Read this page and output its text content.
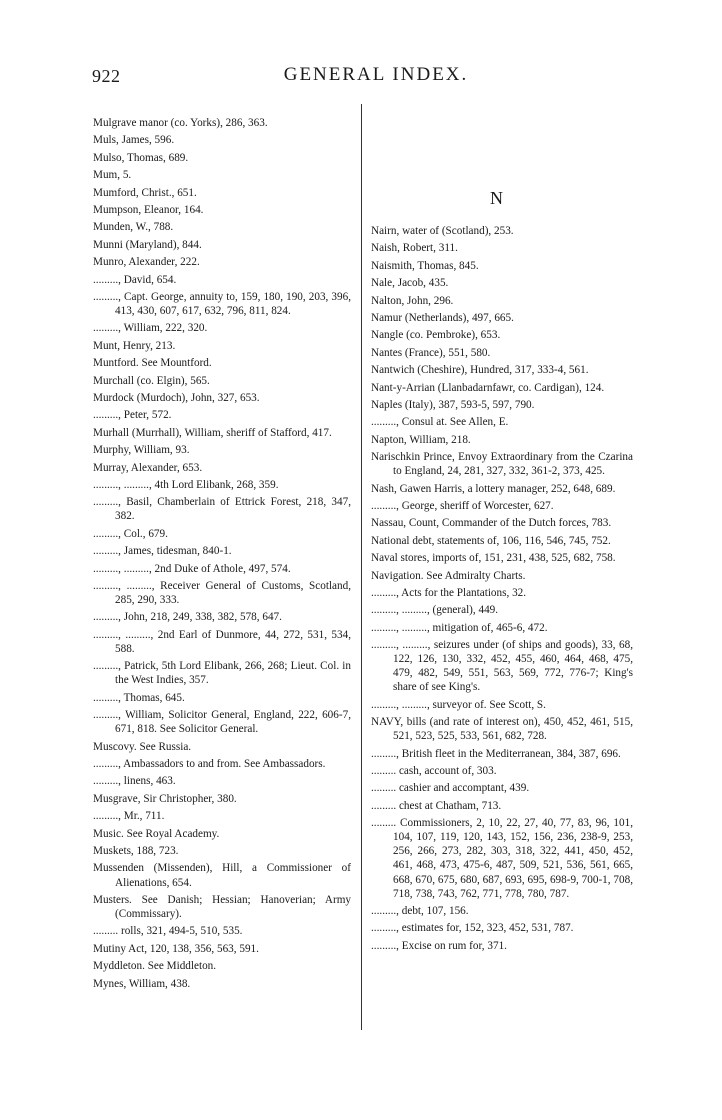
922	GENERAL INDEX.
Mulgrave manor (co. Yorks), 286, 363.
Muls, James, 596.
Mulso, Thomas, 689.
Mum, 5.
Mumford, Christ., 651.
Mumpson, Eleanor, 164.
Munden, W., 788.
Munni (Maryland), 844.
Munro, Alexander, 222.
........., David, 654.
........., Capt. George, annuity to, 159, 180, 190, 203, 396, 413, 430, 607, 617, 632, 796, 811, 824.
........., William, 222, 320.
Munt, Henry, 213.
Muntford. See Mountford.
Murchall (co. Elgin), 565.
Murdock (Murdoch), John, 327, 653.
........., Peter, 572.
Murhall (Murrhall), William, sheriff of Stafford, 417.
Murphy, William, 93.
Murray, Alexander, 653.
........., ........., 4th Lord Elibank, 268, 359.
........., Basil, Chamberlain of Ettrick Forest, 218, 347, 382.
........., Col., 679.
........., James, tidesman, 840-1.
........., ........., 2nd Duke of Athole, 497, 574.
........., ........., Receiver General of Customs, Scotland, 285, 290, 333.
........., John, 218, 249, 338, 382, 578, 647.
........., ........., 2nd Earl of Dunmore, 44, 272, 531, 534, 588.
........., Patrick, 5th Lord Elibank, 266, 268; Lieut. Col. in the West Indies, 357.
........., Thomas, 645.
........., William, Solicitor General, England, 222, 606-7, 671, 818. See Solicitor General.
Muscovy. See Russia.
........., Ambassadors to and from. See Ambassadors.
........., linens, 463.
Musgrave, Sir Christopher, 380.
........., Mr., 711.
Music. See Royal Academy.
Muskets, 188, 723.
Mussenden (Missenden), Hill, a Commissioner of Alienations, 654.
Musters. See Danish; Hessian; Hanoverian; Army (Commissary).
......... rolls, 321, 494-5, 510, 535.
Mutiny Act, 120, 138, 356, 563, 591.
Myddleton. See Middleton.
Mynes, William, 438.
N
Nairn, water of (Scotland), 253.
Naish, Robert, 311.
Naismith, Thomas, 845.
Nale, Jacob, 435.
Nalton, John, 296.
Namur (Netherlands), 497, 665.
Nangle (co. Pembroke), 653.
Nantes (France), 551, 580.
Nantwich (Cheshire), Hundred, 317, 333-4, 561.
Nant-y-Arrian (Llanbadarnfawr, co. Cardigan), 124.
Naples (Italy), 387, 593-5, 597, 790.
........., Consul at. See Allen, E.
Napton, William, 218.
Narischkin Prince, Envoy Extraordinary from the Czarina to England, 24, 281, 327, 332, 361-2, 373, 425.
Nash, Gawen Harris, a lottery manager, 252, 648, 689.
........., George, sheriff of Worcester, 627.
Nassau, Count, Commander of the Dutch forces, 783.
National debt, statements of, 106, 116, 546, 745, 752.
Naval stores, imports of, 151, 231, 438, 525, 682, 758.
Navigation. See Admiralty Charts.
........., Acts for the Plantations, 32.
........., ........., (general), 449.
........., ........., mitigation of, 465-6, 472.
........., ........., seizures under (of ships and goods), 33, 68, 122, 126, 130, 332, 452, 455, 460, 464, 468, 475, 479, 482, 549, 551, 563, 569, 772, 776-7; King's share of see King's.
........., ........., surveyor of. See Scott, S.
NAVY, bills (and rate of interest on), 450, 452, 461, 515, 521, 523, 525, 533, 561, 682, 728.
........., British fleet in the Mediterranean, 384, 387, 696.
......... cash, account of, 303.
......... cashier and accomptant, 439.
......... chest at Chatham, 713.
......... Commissioners, 2, 10, 22, 27, 40, 77, 83, 96, 101, 104, 107, 119, 120, 143, 152, 156, 236, 238-9, 253, 256, 266, 273, 282, 303, 318, 322, 441, 450, 452, 461, 468, 473, 475-6, 487, 509, 521, 536, 561, 665, 668, 670, 675, 680, 687, 693, 695, 698-9, 700-1, 708, 718, 738, 743, 762, 771, 778, 780, 787.
........., debt, 107, 156.
........., estimates for, 152, 323, 452, 531, 787.
........., Excise on rum for, 371.
